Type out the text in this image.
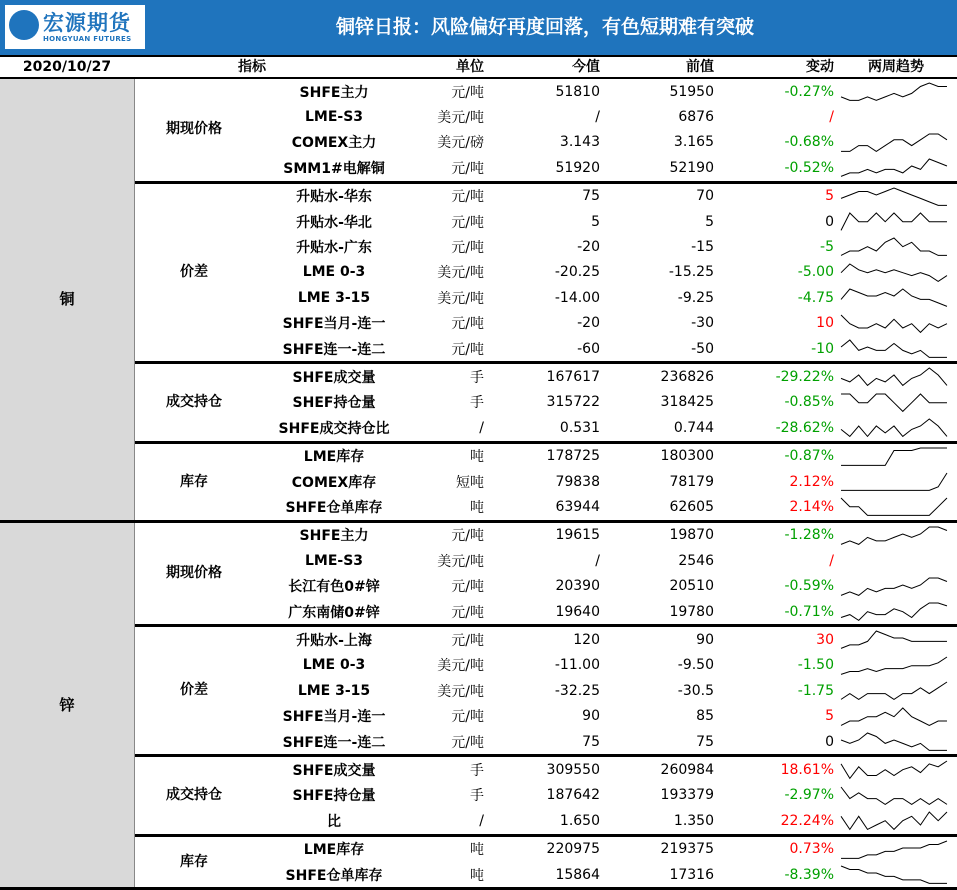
宏源期货
HONGYUAN FUTURES
铜锌日报：风险偏好再度回落，有色短期难有突破
2020/10/27	指标	单位	今值	前值	变动	两周趋势
SHFE主力	元/吨	51810	51950	-0.27%
LME-S3	美元/吨	/	6876	/
COMEX主力	美元/磅	3.143	3.165	-0.68%
SMM1#电解铜	元/吨	51920	52190	-0.52%
期现价格
升贴水-华东	元/吨	75	70	5
升贴水-华北	元/吨	5	5	0
升贴水-广东	元/吨	-20	-15	-5
LME 0-3	美元/吨	-20.25	-15.25	-5.00
LME 3-15	美元/吨	-14.00	-9.25	-4.75
SHFE当月-连一	元/吨	-20	-30	10
SHFE连一-连二	元/吨	-60	-50	-10
价差
SHFE成交量	手	167617	236826	-29.22%
SHEF持仓量	手	315722	318425	-0.85%
SHFE成交持仓比	/	0.531	0.744	-28.62%
成交持仓
LME库存	吨	178725	180300	-0.87%
COMEX库存	短吨	79838	78179	2.12%
SHFE仓单库存	吨	63944	62605	2.14%
库存
铜
SHFE主力	元/吨	19615	19870	-1.28%
LME-S3	美元/吨	/	2546	/
长江有色0#锌	元/吨	20390	20510	-0.59%
广东南储0#锌	元/吨	19640	19780	-0.71%
期现价格
升贴水-上海	元/吨	120	90	30
LME 0-3	美元/吨	-11.00	-9.50	-1.50
LME 3-15	美元/吨	-32.25	-30.5	-1.75
SHFE当月-连一	元/吨	90	85	5
SHFE连一-连二	元/吨	75	75	0
价差
SHFE成交量	手	309550	260984	18.61%
SHFE持仓量	手	187642	193379	-2.97%
比	/	1.650	1.350	22.24%
成交持仓
LME库存	吨	220975	219375	0.73%
SHFE仓单库存	吨	15864	17316	-8.39%
库存
锌
